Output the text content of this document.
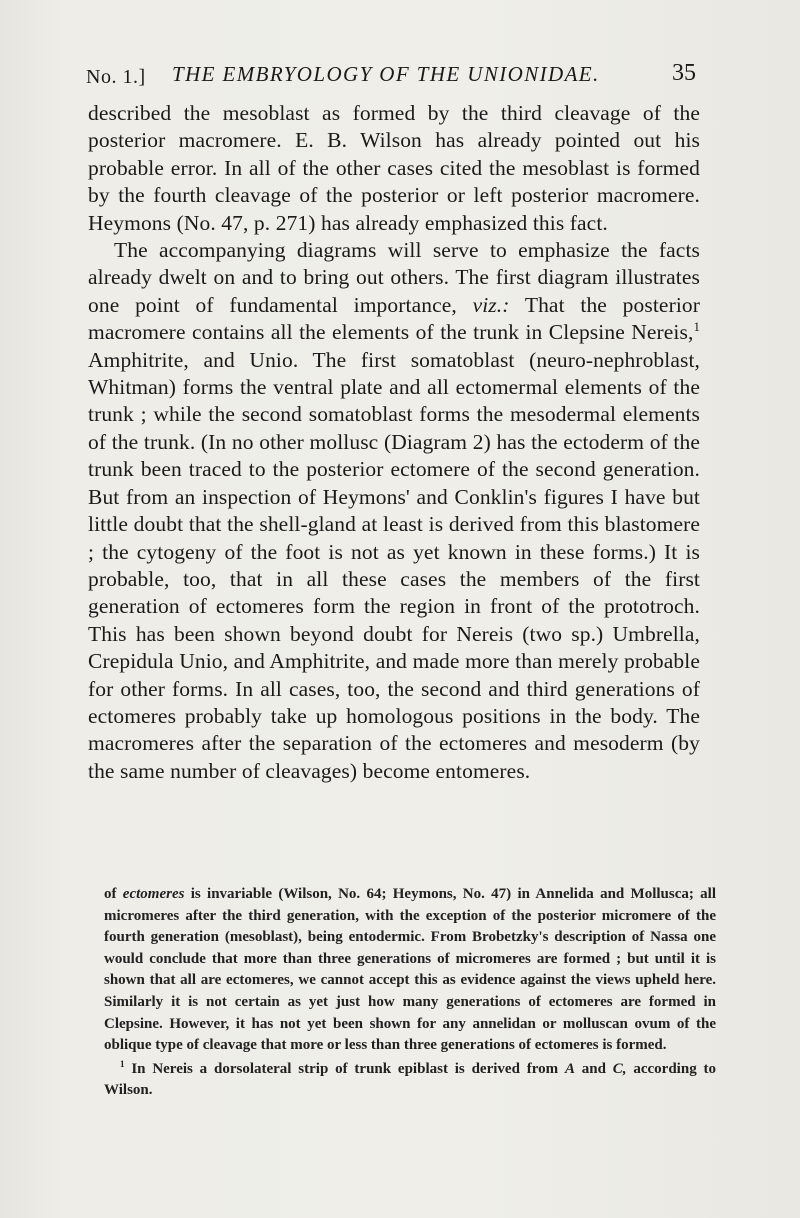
No. 1.] THE EMBRYOLOGY OF THE UNIONIDAE.	35

described the mesoblast as formed by the third cleavage of the posterior macromere. E. B. Wilson has already pointed out his probable error. In all of the other cases cited the mesoblast is formed by the fourth cleavage of the posterior or left posterior macromere. Heymons (No. 47, p. 271) has already emphasized this fact.

The accompanying diagrams will serve to emphasize the facts already dwelt on and to bring out others. The first diagram illustrates one point of fundamental importance, viz.: That the posterior macromere contains all the elements of the trunk in Clepsine Nereis,$^1$ Amphitrite, and Unio. The first somatoblast (neuro-nephroblast, Whitman) forms the ventral plate and all ectomermal elements of the trunk ; while the second somatoblast forms the mesodermal elements of the trunk. (In no other mollusc (Diagram 2) has the ectoderm of the trunk been traced to the posterior ectomere of the second generation. But from an inspection of Heymons' and Conklin's figures I have but little doubt that the shell-gland at least is derived from this blastomere ; the cytogeny of the foot is not as yet known in these forms.) It is probable, too, that in all these cases the members of the first generation of ectomeres form the region in front of the prototroch. This has been shown beyond doubt for Nereis (two sp.) Umbrella, Crepidula Unio, and Amphitrite, and made more than merely probable for other forms. In all cases, too, the second and third generations of ectomeres probably take up homologous positions in the body. The macromeres after the separation of the ectomeres and mesoderm (by the same number of cleavages) become entomeres.

of ectomeres is invariable (Wilson, No. 64; Heymons, No. 47) in Annelida and Mollusca; all micromeres after the third generation, with the exception of the posterior micromere of the fourth generation (mesoblast), being entodermic. From Brobetzky's description of Nassa one would conclude that more than three generations of micromeres are formed ; but until it is shown that all are ectomeres, we cannot accept this as evidence against the views upheld here. Similarly it is not certain as yet just how many generations of ectomeres are formed in Clepsine. However, it has not yet been shown for any annelidan or molluscan ovum of the oblique type of cleavage that more or less than three generations of ectomeres is formed.

$^1$ In Nereis a dorsolateral strip of trunk epiblast is derived from A and C, according to Wilson.
